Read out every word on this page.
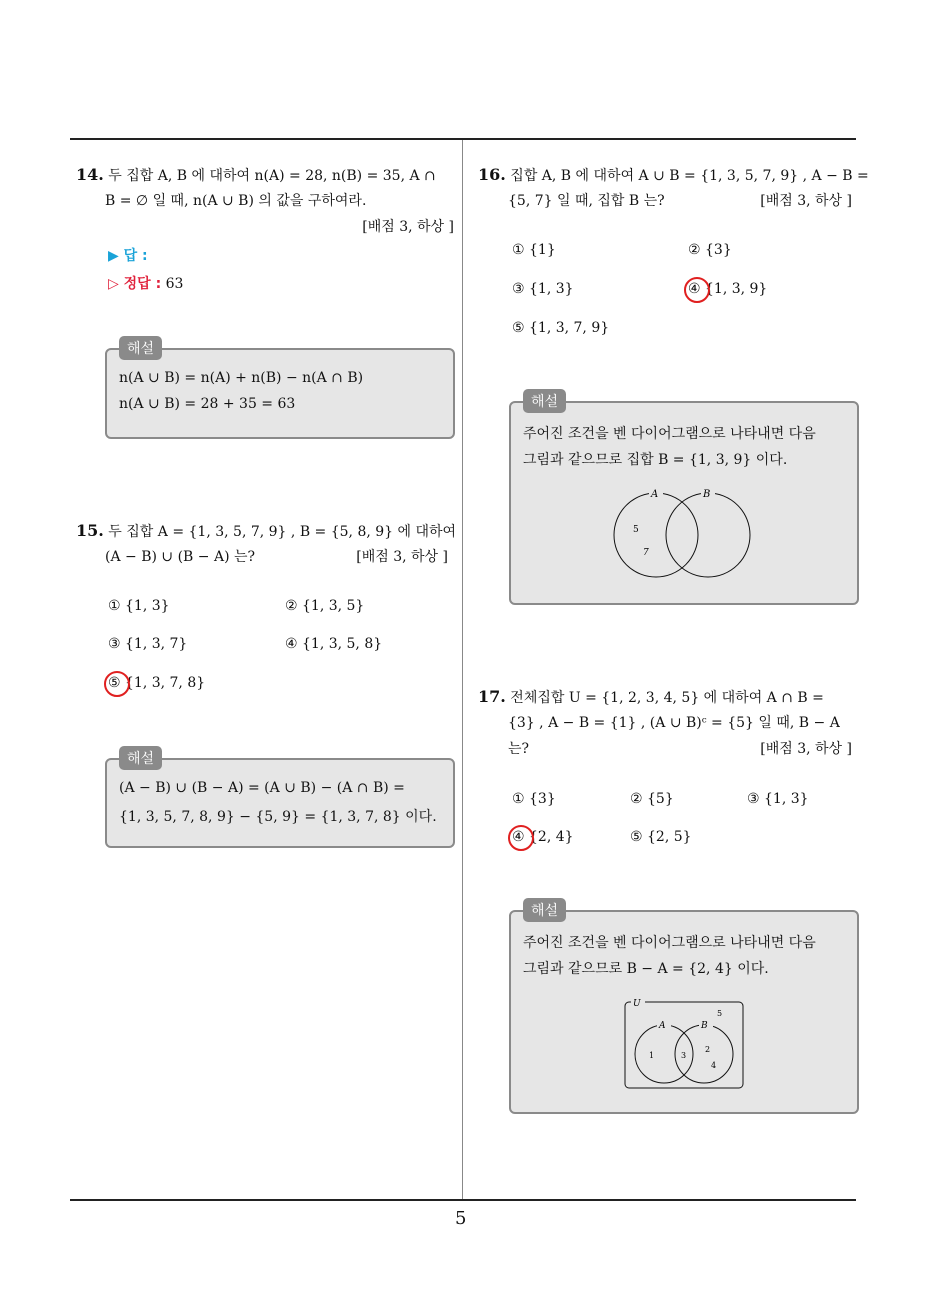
5
14. 두 집합 A, B 에 대하여 n(A) = 28, n(B) = 35, A ∩
B = ∅ 일 때, n(A ∪ B) 의 값을 구하여라.
[배점 3, 하상 ]
▶ 답 :
▷ 정답 : 63
해설
n(A ∪ B) = n(A) + n(B) − n(A ∩ B)
n(A ∪ B) = 28 + 35 = 63
15. 두 집합 A = {1, 3, 5, 7, 9} , B = {5, 8, 9} 에 대하여
(A − B) ∪ (B − A) 는?	[배점 3, 하상 ]
① {1, 3}	② {1, 3, 5}
③ {1, 3, 7}	④ {1, 3, 5, 8}
⑤ {1, 3, 7, 8}
해설
(A − B) ∪ (B − A) = (A ∪ B) − (A ∩ B) =
{1, 3, 5, 7, 8, 9} − {5, 9} = {1, 3, 7, 8} 이다.
16. 집합 A, B 에 대하여 A ∪ B = {1, 3, 5, 7, 9} , A − B =
{5, 7} 일 때, 집합 B 는?	[배점 3, 하상 ]
① {1}	② {3}
③ {1, 3}	④ {1, 3, 9}
⑤ {1, 3, 7, 9}
해설
주어진 조건을 벤 다이어그램으로 나타내면 다음
그림과 같으므로 집합 B = {1, 3, 9} 이다.
A	B
5
7
17. 전체집합 U = {1, 2, 3, 4, 5} 에 대하여 A ∩ B =
{3} , A − B = {1} , (A ∪ B)ᶜ = {5} 일 때, B − A
는?	[배점 3, 하상 ]
① {3}	② {5}	③ {1, 3}
④ {2, 4}	⑤ {2, 5}
해설
주어진 조건을 벤 다이어그램으로 나타내면 다음
그림과 같으므로 B − A = {2, 4} 이다.
U
A	B
5
1	3
2
4
